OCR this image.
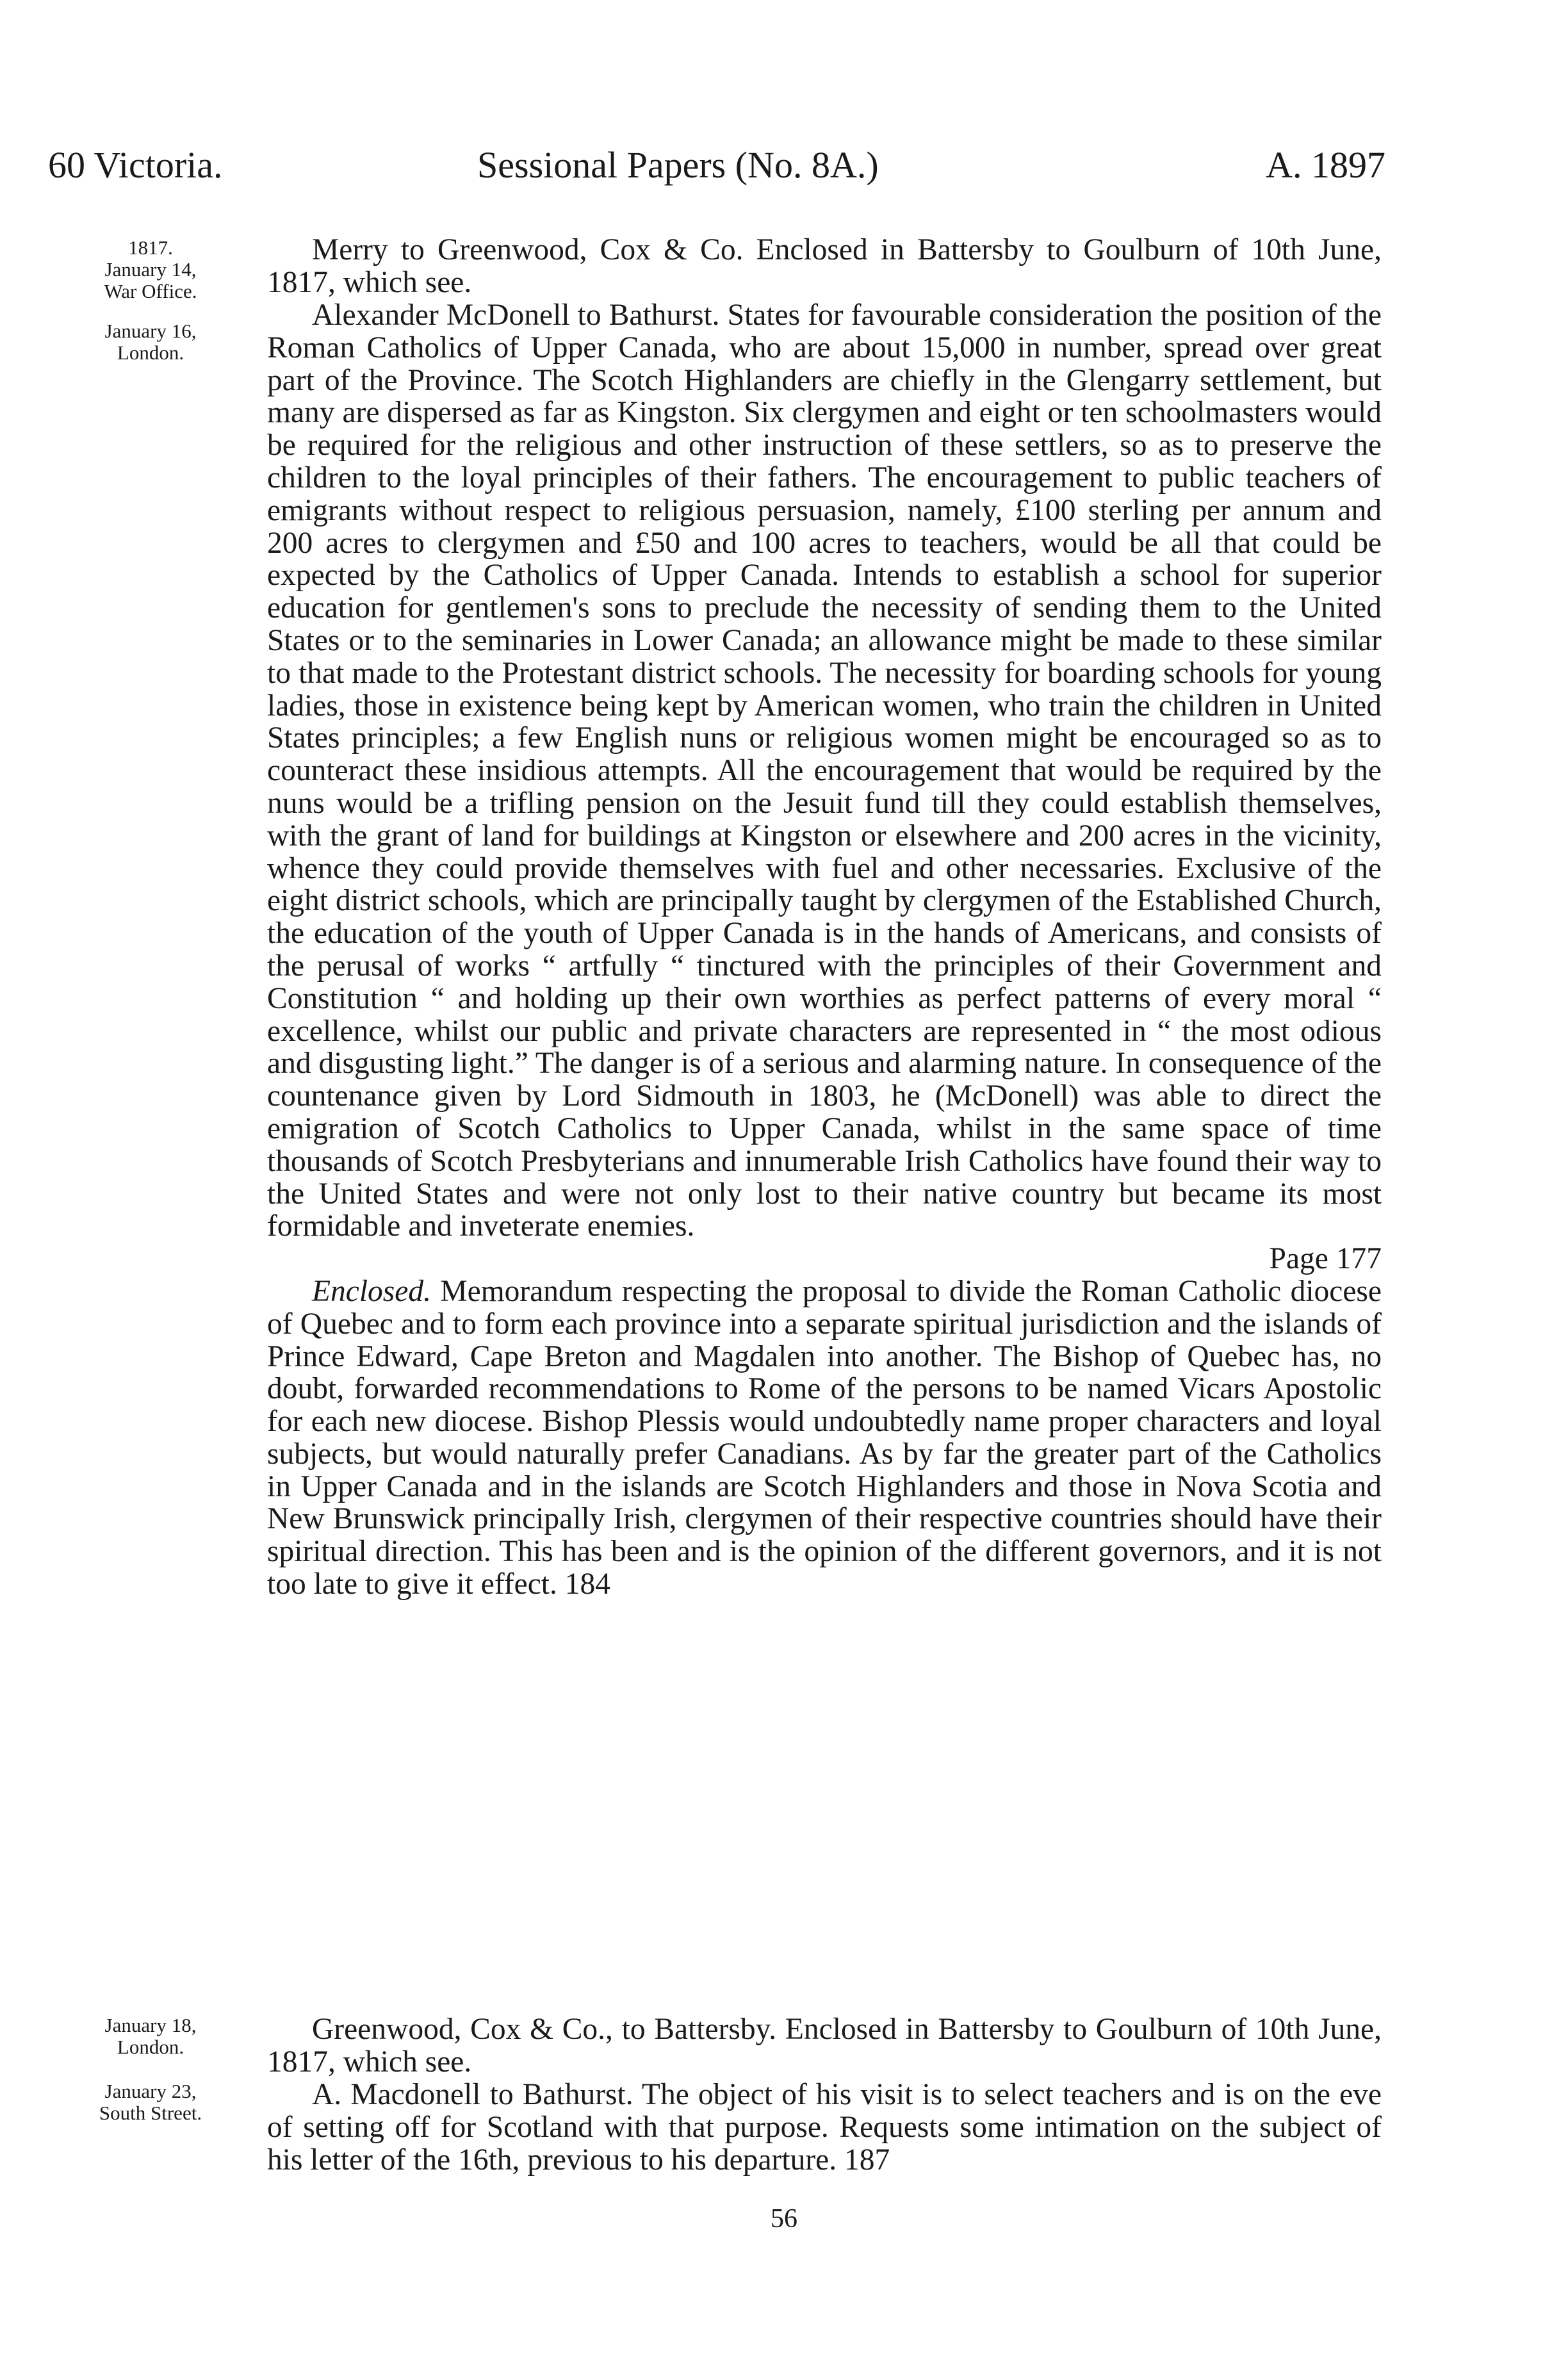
60 Victoria.	Sessional Papers (No. 8A.)	A. 1897
1817.
January 14,
War Office.
January 16,
London.
January 18,
London.
January 23,
South Street.

Merry to Greenwood, Cox & Co. Enclosed in Battersby to Goulburn of 10th June, 1817, which see.

Alexander McDonell to Bathurst. States for favourable consideration the position of the Roman Catholics of Upper Canada, who are about 15,000 in number, spread over great part of the Province. The Scotch Highlanders are chiefly in the Glengarry settlement, but many are dispersed as far as Kingston. Six clergymen and eight or ten schoolmasters would be required for the religious and other instruction of these settlers, so as to preserve the children to the loyal principles of their fathers. The encouragement to public teachers of emigrants without respect to religious persuasion, namely, £100 sterling per annum and 200 acres to clergymen and £50 and 100 acres to teachers, would be all that could be expected by the Catholics of Upper Canada. Intends to establish a school for superior education for gentlemen's sons to preclude the necessity of sending them to the United States or to the seminaries in Lower Canada; an allowance might be made to these similar to that made to the Protestant district schools. The necessity for boarding schools for young ladies, those in existence being kept by American women, who train the children in United States principles; a few English nuns or religious women might be encouraged so as to counteract these insidious attempts. All the encouragement that would be required by the nuns would be a trifling pension on the Jesuit fund till they could establish themselves, with the grant of land for buildings at Kingston or elsewhere and 200 acres in the vicinity, whence they could provide themselves with fuel and other necessaries. Exclusive of the eight district schools, which are principally taught by clergymen of the Established Church, the education of the youth of Upper Canada is in the hands of Americans, and consists of the perusal of works “ artfully “ tinctured with the principles of their Government and Constitution “ and holding up their own worthies as perfect patterns of every moral “ excellence, whilst our public and private characters are represented in “ the most odious and disgusting light.” The danger is of a serious and alarming nature. In consequence of the countenance given by Lord Sidmouth in 1803, he (McDonell) was able to direct the emigration of Scotch Catholics to Upper Canada, whilst in the same space of time thousands of Scotch Presbyterians and innumerable Irish Catholics have found their way to the United States and were not only lost to their native country but became its most formidable and inveterate enemies.

Page 177

Enclosed. Memorandum respecting the proposal to divide the Roman Catholic diocese of Quebec and to form each province into a separate spiritual jurisdiction and the islands of Prince Edward, Cape Breton and Magdalen into another. The Bishop of Quebec has, no doubt, forwarded recommendations to Rome of the persons to be named Vicars Apostolic for each new diocese. Bishop Plessis would undoubtedly name proper characters and loyal subjects, but would naturally prefer Canadians. As by far the greater part of the Catholics in Upper Canada and in the islands are Scotch Highlanders and those in Nova Scotia and New Brunswick principally Irish, clergymen of their respective countries should have their spiritual direction. This has been and is the opinion of the different governors, and it is not too late to give it effect. 184

Greenwood, Cox & Co., to Battersby. Enclosed in Battersby to Goulburn of 10th June, 1817, which see.

A. Macdonell to Bathurst. The object of his visit is to select teachers and is on the eve of setting off for Scotland with that purpose. Requests some intimation on the subject of his letter of the 16th, previous to his departure. 187

56
